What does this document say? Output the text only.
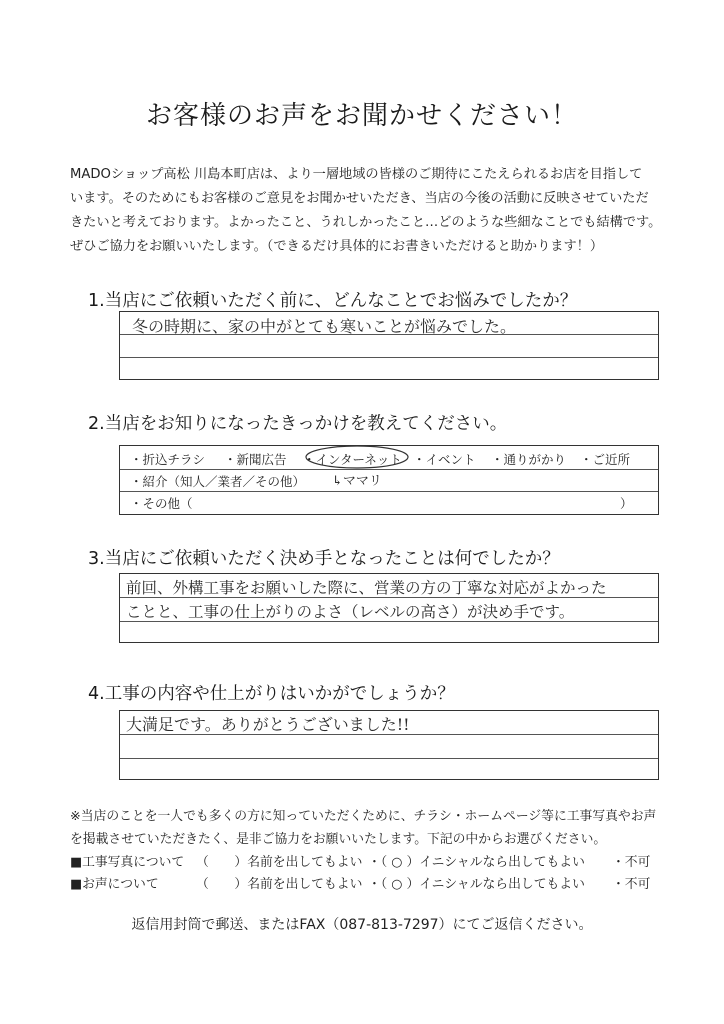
お客様のお声をお聞かせください！
MADOショップ高松 川島本町店は、より一層地域の皆様のご期待にこたえられるお店を目指して
います。そのためにもお客様のご意見をお聞かせいただき、当店の今後の活動に反映させていただ
きたいと考えております。よかったこと、うれしかったこと…どのような些細なことでも結構です。
ぜひご協力をお願いいたします。（できるだけ具体的にお書きいただけると助かります！）
1.当店にご依頼いただく前に、どんなことでお悩みでしたか？
冬の時期に、家の中がとても寒いことが悩みでした。
2.当店をお知りになったきっかけを教えてください。
・折込チラシ ・新聞広告 ・インターネット ・イベント ・通りがかり ・ご近所
・紹介（知人／業者／その他） ↳ママリ
・その他（	）
3.当店にご依頼いただく決め手となったことは何でしたか？
前回、外構工事をお願いした際に、営業の方の丁寧な対応がよかった
ことと、工事の仕上がりのよさ（レベルの高さ）が決め手です。
4.工事の内容や仕上がりはいかがでしょうか？
大満足です。ありがとうございました!!
※当店のことを一人でも多くの方に知っていただくために、チラシ・ホームページ等に工事写真やお声
を掲載させていただきたく、是非ご協力をお願いいたします。下記の中からお選びください。
■工事写真について （　　）名前を出してもよい ・（ ○ ）イニシャルなら出してもよい ・不可
■お声について	（　　）名前を出してもよい ・（ ○ ）イニシャルなら出してもよい ・不可
返信用封筒で郵送、またはFAX（087-813-7297）にてご返信ください。
